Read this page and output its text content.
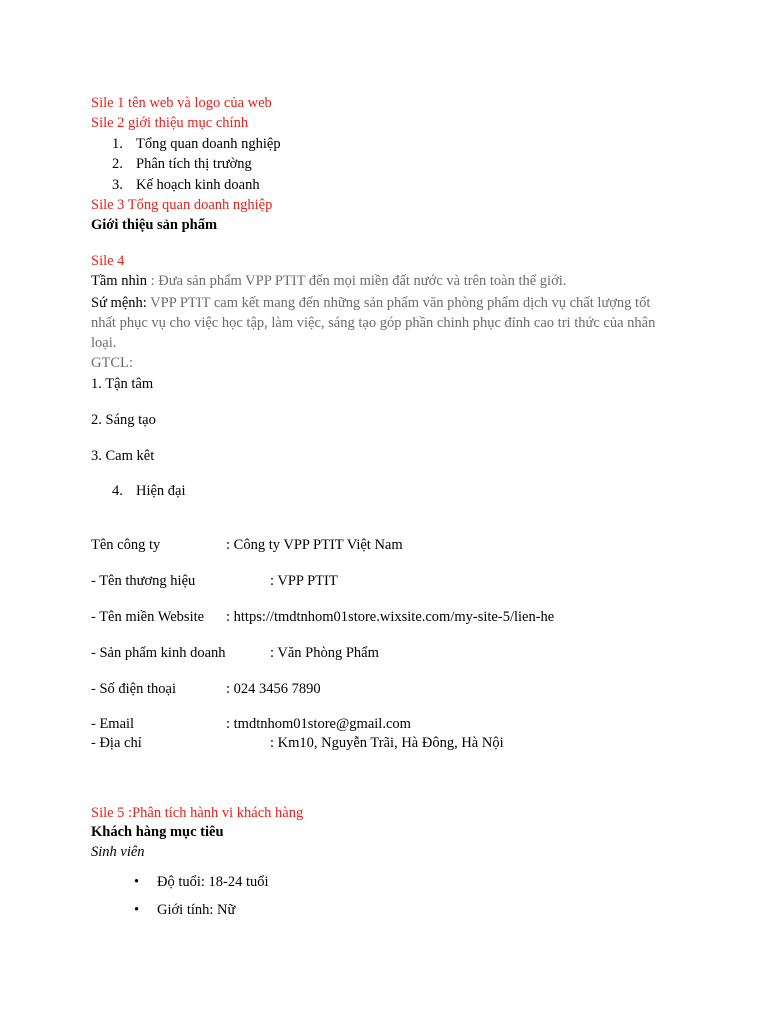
Sile 1 tên web và logo của web
Sile 2 giới thiệu mục chính
1. Tổng quan doanh nghiệp
2. Phân tích thị trường
3. Kế hoạch kinh doanh
Sile 3 Tổng quan doanh nghiệp
Giới thiệu sản phẩm
Sile 4
Tầm nhìn : Đưa sản phẩm VPP PTIT đến mọi miền đất nước và trên toàn thế giới.
Sứ mệnh: VPP PTIT cam kết mang đến những sản phẩm văn phòng phẩm dịch vụ chất lượng tốt
nhất phục vụ cho việc học tập, làm việc, sáng tạo góp phần chinh phục đỉnh cao tri thức của nhân
loại.
GTCL:
1. Tận tâm
2. Sáng tạo
3. Cam kêt
4. Hiện đại
Tên công ty	: Công ty VPP PTIT Việt Nam
- Tên thương hiệu	: VPP PTIT
- Tên miền Website : https://tmdtnhom01store.wixsite.com/my-site-5/lien-he
- Sản phẩm kinh doanh	: Văn Phòng Phẩm
- Số điện thoại	: 024 3456 7890
- Email	: tmdtnhom01store@gmail.com
- Địa chỉ	: Km10, Nguyễn Trãi, Hà Đông, Hà Nội
Sile 5 :Phân tích hành vi khách hàng
Khách hàng mục tiêu
Sinh viên
• Độ tuổi: 18-24 tuổi
• Giới tính: Nữ
